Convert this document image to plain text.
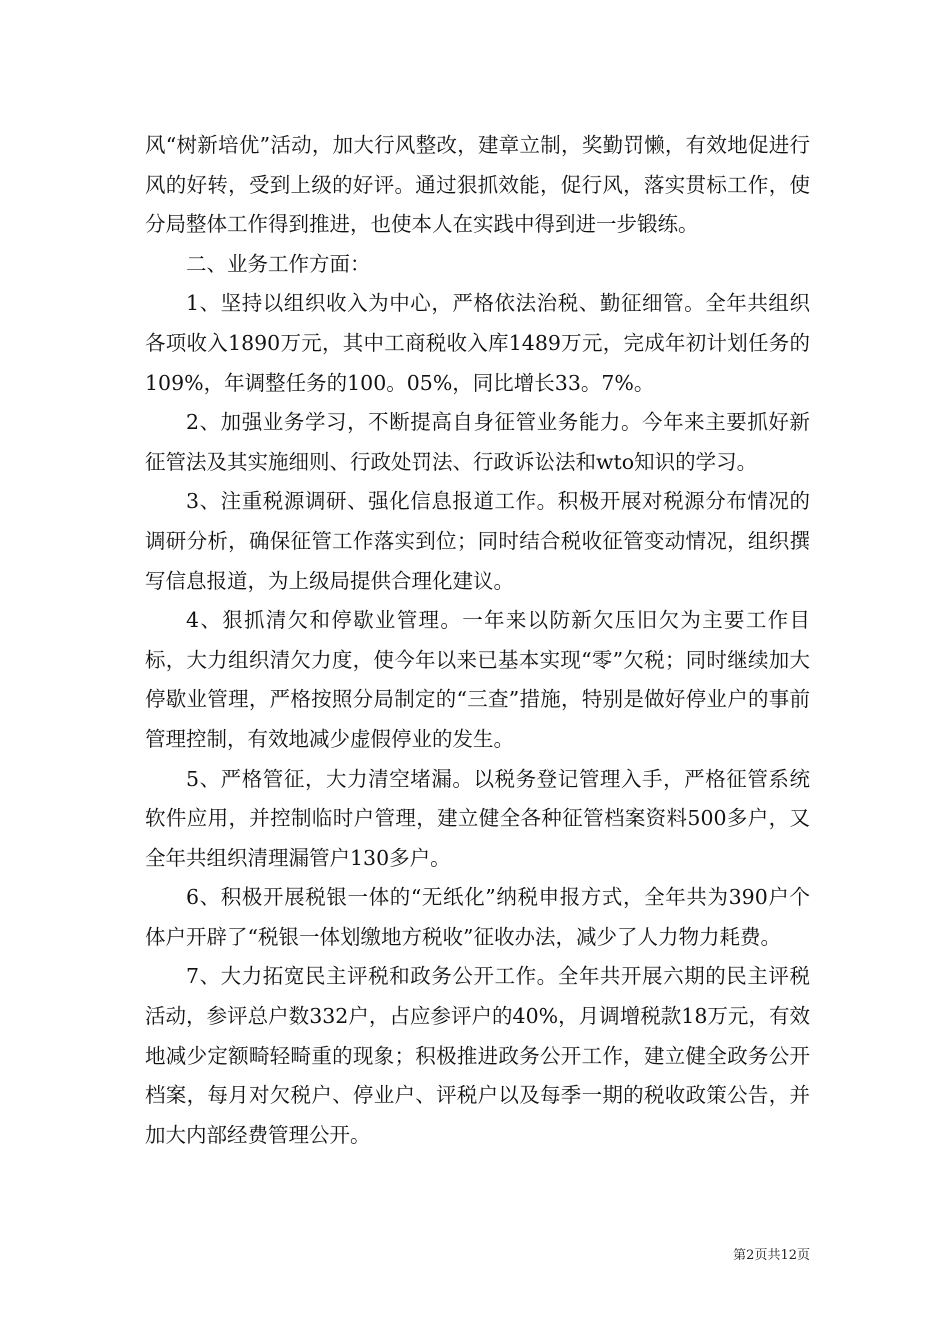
风“树新培优”活动，加大行风整改，建章立制，奖勤罚懒，有效地促进行风的好转，受到上级的好评。通过狠抓效能，促行风，落实贯标工作，使分局整体工作得到推进，也使本人在实践中得到进一步锻练。

二、业务工作方面：

1、坚持以组织收入为中心，严格依法治税、勤征细管。全年共组织各项收入1890万元，其中工商税收入库1489万元，完成年初计划任务的109%，年调整任务的100。05%，同比增长33。7%。

2、加强业务学习，不断提高自身征管业务能力。今年来主要抓好新征管法及其实施细则、行政处罚法、行政诉讼法和wto知识的学习。

3、注重税源调研、强化信息报道工作。积极开展对税源分布情况的调研分析，确保征管工作落实到位；同时结合税收征管变动情况，组织撰写信息报道，为上级局提供合理化建议。

4、狠抓清欠和停歇业管理。一年来以防新欠压旧欠为主要工作目标，大力组织清欠力度，使今年以来已基本实现“零”欠税；同时继续加大停歇业管理，严格按照分局制定的“三查”措施，特别是做好停业户的事前管理控制，有效地减少虚假停业的发生。

5、严格管征，大力清空堵漏。以税务登记管理入手，严格征管系统软件应用，并控制临时户管理，建立健全各种征管档案资料500多户，又全年共组织清理漏管户130多户。

6、积极开展税银一体的“无纸化”纳税申报方式，全年共为390户个体户开辟了“税银一体划缴地方税收”征收办法，减少了人力物力耗费。

7、大力拓宽民主评税和政务公开工作。全年共开展六期的民主评税活动，参评总户数332户，占应参评户的40%，月调增税款18万元，有效地减少定额畸轻畸重的现象；积极推进政务公开工作，建立健全政务公开档案，每月对欠税户、停业户、评税户以及每季一期的税收政策公告，并加大内部经费管理公开。

第2页共12页
